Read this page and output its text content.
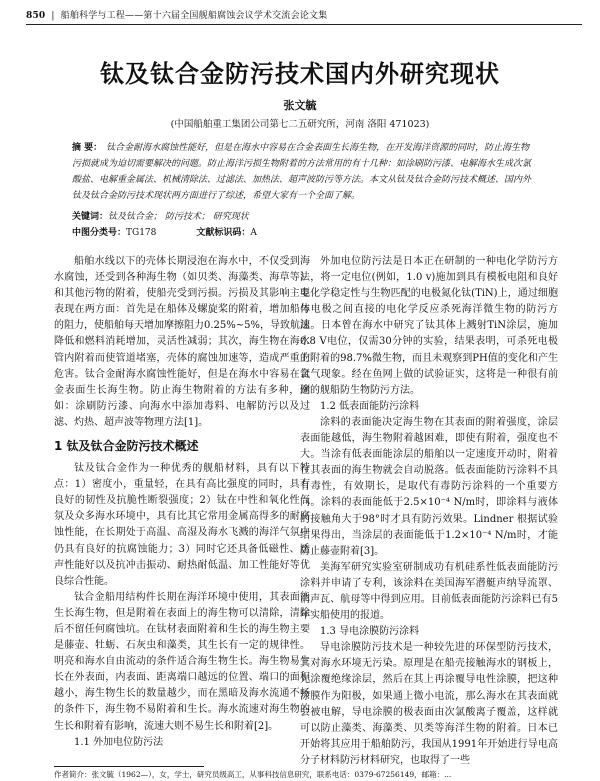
850 | 船舶科学与工程——第十六届全国舰船腐蚀会议学术交流会论文集
钛及钛合金防污技术国内外研究现状

张文毓

(中国船舶重工集团公司第七二五研究所，河南 洛阳 471023)

摘 要： 钛合金耐海水腐蚀性能好，但是在海水中容易在合金表面生长海生物，在开发海洋资源的同时，防止海生物污损就成为迫切需要解决的问题。防止海洋污损生物附着的方法常用的有十几种：如涂刷防污漆、电解海水生成次氯酸盐、电解重金属法、机械清除法、过滤法、加热法、超声波防污等方法。本文从钛及钛合金防污技术概述、国内外钛及钛合金防污技术现状两方面进行了综述，希望大家有一个全面了解。

关键词：钛及钛合金； 防污技术； 研究现状

中图分类号：TG178	文献标识码：A

船舶水线以下的壳体长期浸泡在海水中，不仅受到海水腐蚀，还受到各种海生物（如贝类、海藻类、海草等）和其他污物的附着，使船壳受到污损。污损及其影响主要表现在两方面：首先是在船体及螺旋桨的附着，增加船体的阻力，使船舶每天增加摩擦阻力0.25%~5%，导致航速降低和燃料消耗增加，灵活性减弱；其次，海生物在海水管内附着而使管道堵塞，壳体的腐蚀加速等，造成严重的危害。钛合金耐海水腐蚀性能好，但是在海水中容易在合金表面生长海生物。防止海生物附着的方法有多种，例如：涂刷防污漆、向海水中添加毒料、电解防污以及过滤、灼热、超声波等物理方法[1]。

1 钛及钛合金防污技术概述

钛及钛合金作为一种优秀的舰船材料，具有以下特点：1）密度小，重量轻，在具有高比强度的同时，具有良好的韧性及抗脆性断裂强度；2）钛在中性和氧化性气氛及众多海水环境中，具有比其它常用金属高得多的耐腐蚀性能，在长期处于高温、高湿及海水飞溅的海洋气氛中仍具有良好的抗腐蚀能力；3）同时它还具备低磁性、透声性能好以及抗冲击振动、耐热耐低温、加工性能好等优良综合性能。

钛合金船用结构件长期在海洋环境中使用，其表面能生长海生物，但是附着在表面上的海生物可以清除，清除后不留任何腐蚀坑。在钛材表面附着和生长的海生物主要是藤壶、牡蛎、石灰虫和藻类，其生长有一定的规律性。明亮和海水自由流动的条件适合海生物生长。海生物易生长在外表面，内表面、距离端口越远的位置、端口的面积越小，海生物生长的数量越少，而在黑暗及海水流通不畅的条件下，海生物不易附着和生长。海水流速对海生物的生长和附着有影响，流速大则不易生长和附着[2]。

1.1 外加电位防污法

外加电位防污法是日本正在研制的一种电化学防污方法，将一定电位(例如，1.0 v)施加到具有模板电阻和良好电化学稳定性与生物匹配的电极氮化钛(TiN)上，通过细胞与电极之间直接的电化学反应杀死海洋微生物的防污方法。日本曾在海水中研究了钛其体上溅射TiN涂层，施加0.8 V电位，仅需30分钟的实验，结果表明，可杀死电极上附着的98.7%微生物，而且未观察到PH值的变化和产生氯气现象。经在鱼网上做的试验证实，这将是一种很有前途的舰船防生物防污方法。

1.2 低表面能防污涂料

涂料的表面能决定海生物在其表面的附着强度，涂层表面能越低，海生物附着越困难，即使有附着，强度也不大。当涂有低表面能涂层的船舶以一定速度开动时，附着在其表面的海生物就会自动脱落。低表面能防污涂料不具有毒性，有效期长，是取代有毒防污涂料的一个重要方向。涂料的表面能低于2.5×10⁻⁴ N/m时，即涂料与液体的接触角大于98°时才具有防污效果。Lindner 根据试验结果得出，当涂层的表面能低于1.2×10⁻⁴ N/m时，才能防止藤壶附着[3]。

美海军研究实验室研制成功有机硅系性低表面能防污涂料并申请了专利，该涂料在美国海军潜艇声纳导流罩、消声瓦、航母等中得到应用。目前低表面能防污涂料已有5年实船使用的报道。

1.3 导电涂膜防污涂料

导电涂膜防污技术是一种较先进的环保型防污技术，其对海水环境无污染。原理是在船壳接触海水的钢板上，先涂覆绝缘涂层，然后在其上再涂覆导电性涂膜，把这种涂膜作为阳极，如果通上微小电流，那么海水在其表面就会被电解，导电涂膜的极表面由次氯酸离子覆盖，这样就可以防止藻类、海藻类、贝类等海洋生物的附着。日本已开始将其应用于船舶防污，我国从1991年开始进行导电高分子材料防污材料研究，也取得了一些

作者简介：张文毓（1962—），女，学士，研究员级高工，从事科技信息研究，联系电话：0379-67256149，邮箱：...
